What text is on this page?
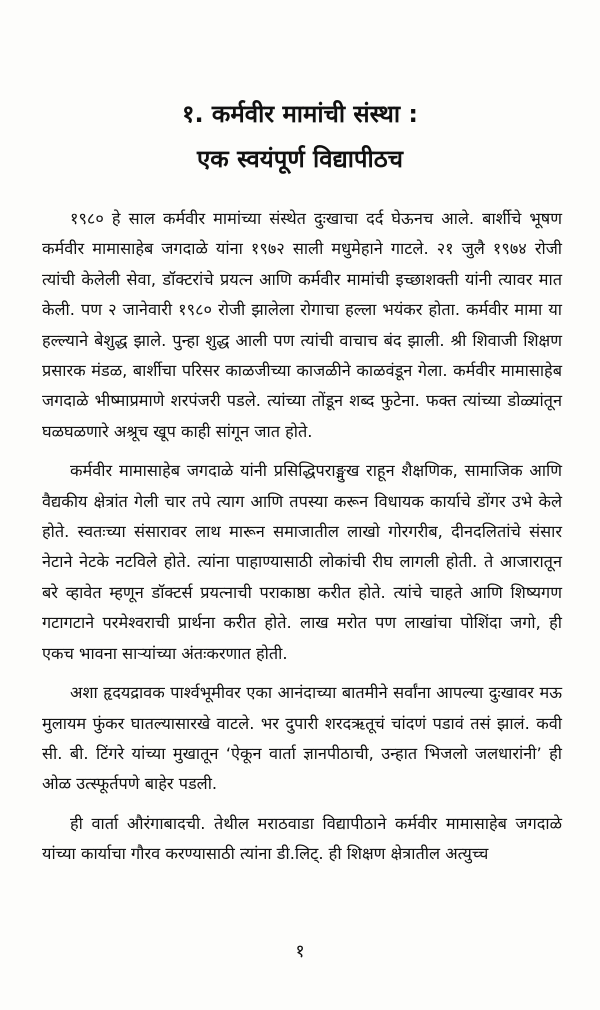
१. कर्मवीर मामांची संस्था :
एक स्वयंपूर्ण विद्यापीठच

१९८० हे साल कर्मवीर मामांच्या संस्थेत दुःखाचा दर्द घेऊनच आले. बार्शीचे भूषण कर्मवीर मामासाहेब जगदाळे यांना १९७२ साली मधुमेहाने गाटले. २१ जुलै १९७४ रोजी त्यांची केलेली सेवा, डॉक्टरांचे प्रयत्न आणि कर्मवीर मामांची इच्छाशक्ती यांनी त्यावर मात केली. पण २ जानेवारी १९८० रोजी झालेला रोगाचा हल्ला भयंकर होता. कर्मवीर मामा या हल्ल्याने बेशुद्ध झाले. पुन्हा शुद्ध आली पण त्यांची वाचाच बंद झाली. श्री शिवाजी शिक्षण प्रसारक मंडळ, बार्शीचा परिसर काळजीच्या काजळीने काळवंडून गेला. कर्मवीर मामासाहेब जगदाळे भीष्माप्रमाणे शरपंजरी पडले. त्यांच्या तोंडून शब्द फुटेना. फक्त त्यांच्या डोळ्यांतून घळघळणारे अश्रूच खूप काही सांगून जात होते.

कर्मवीर मामासाहेब जगदाळे यांनी प्रसिद्धिपराङ्मुख राहून शैक्षणिक, सामाजिक आणि वैद्यकीय क्षेत्रांत गेली चार तपे त्याग आणि तपस्या करून विधायक कार्याचे डोंगर उभे केले होते. स्वतःच्या संसारावर लाथ मारून समाजातील लाखो गोरगरीब, दीनदलितांचे संसार नेटाने नेटके नटविले होते. त्यांना पाहाण्यासाठी लोकांची रीघ लागली होती. ते आजारातून बरे व्हावेत म्हणून डॉक्टर्स प्रयत्नाची पराकाष्ठा करीत होते. त्यांचे चाहते आणि शिष्यगण गटागटाने परमेश्वराची प्रार्थना करीत होते. लाख मरोत पण लाखांचा पोशिंदा जगो, ही एकच भावना साऱ्यांच्या अंतःकरणात होती.

अशा हृदयद्रावक पार्श्वभूमीवर एका आनंदाच्या बातमीने सर्वांना आपल्या दुःखावर मऊ मुलायम फुंकर घातल्यासारखे वाटले. भर दुपारी शरदऋतूचं चांदणं पडावं तसं झालं. कवी सी. बी. टिंगरे यांच्या मुखातून ‘ऐकून वार्ता ज्ञानपीठाची, उन्हात भिजलो जलधारांनी’ ही ओळ उत्स्फूर्तपणे बाहेर पडली.

ही वार्ता औरंगाबादची. तेथील मराठवाडा विद्यापीठाने कर्मवीर मामासाहेब जगदाळे यांच्या कार्याचा गौरव करण्यासाठी त्यांना डी.लिट्. ही शिक्षण क्षेत्रातील अत्युच्च

१
